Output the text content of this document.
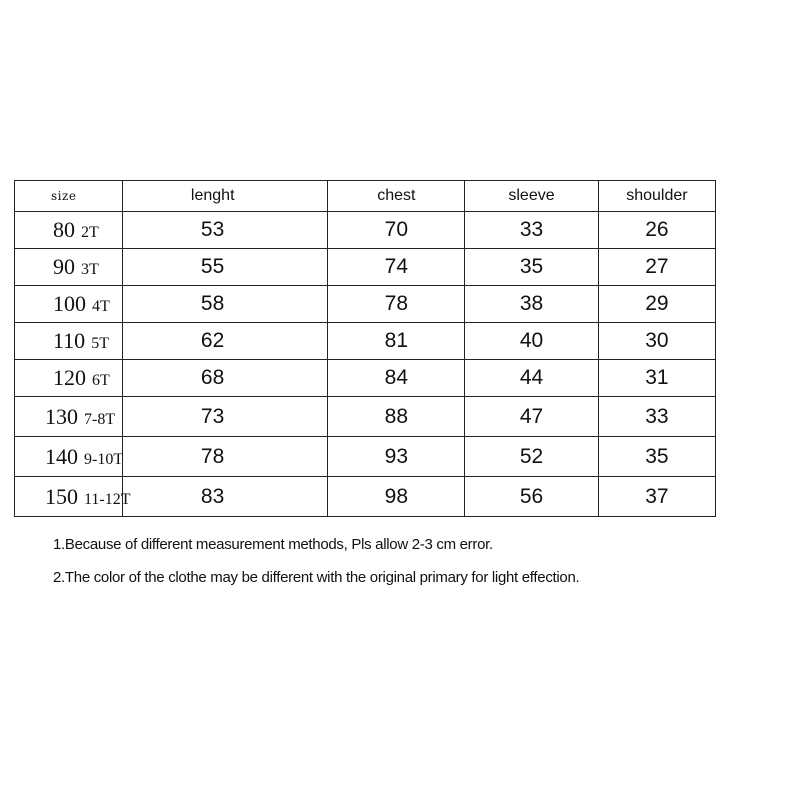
size	lenght	chest	sleeve	shoulder
80 2T	53	70	33	26
90 3T	55	74	35	27
100 4T	58	78	38	29
110 5T	62	81	40	30
120 6T	68	84	44	31
130 7-8T	73	88	47	33
140 9-10T	78	93	52	35
150 11-12T	83	98	56	37

1.Because of different measurement methods, Pls allow 2-3 cm error.

2.The color of the clothe may be different with the original primary for light effection.
